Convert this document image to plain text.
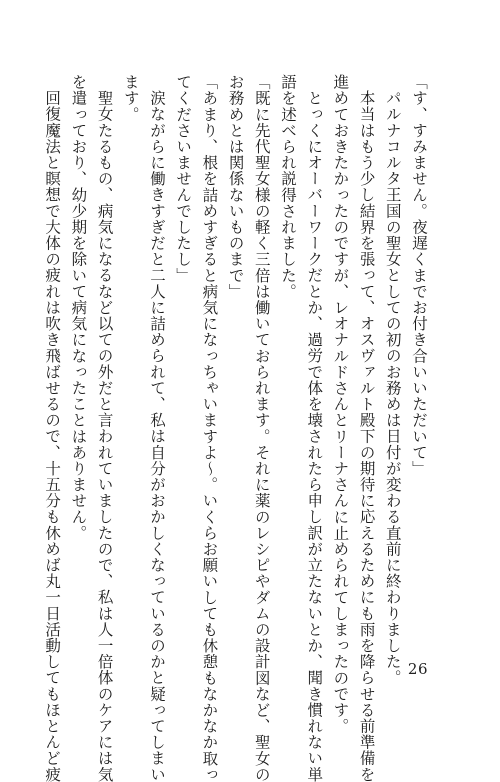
「す、すみません。夜遅くまでお付き合いいただいて」
パルナコルタ王国の聖女としての初のお務めは日付が変わる直前に終わりました。
本当はもう少し結界を張って、オスヴァルト殿下の期待に応えるためにも雨を降らせる前準備を
進めておきたかったのですが、レオナルドさんとリーナさんに止められてしまったのです。
とっくにオーバーワークだとか、過労で体を壊されたら申し訳が立たないとか、聞き慣れない単
語を述べられ説得されました。
「既に先代聖女様の軽く三倍は働いておられます。それに薬のレシピやダムの設計図など、聖女の
お務めとは関係ないものまで」
「あまり、根を詰めすぎると病気になっちゃいますよ～。いくらお願いしても休憩もなかなか取っ
てくださいませんでしたし」
涙ながらに働きすぎだと二人に詰められて、私は自分がおかしくなっているのかと疑ってしまい
ます。
聖女たるもの、病気になるなど以ての外だと言われていましたので、私は人一倍体のケアには気
を遣っており、幼少期を除いて病気になったことはありません。
回復魔法と瞑想で大体の疲れは吹き飛ばせるので、十五分も休めば丸一日活動してもほとんど疲	26
